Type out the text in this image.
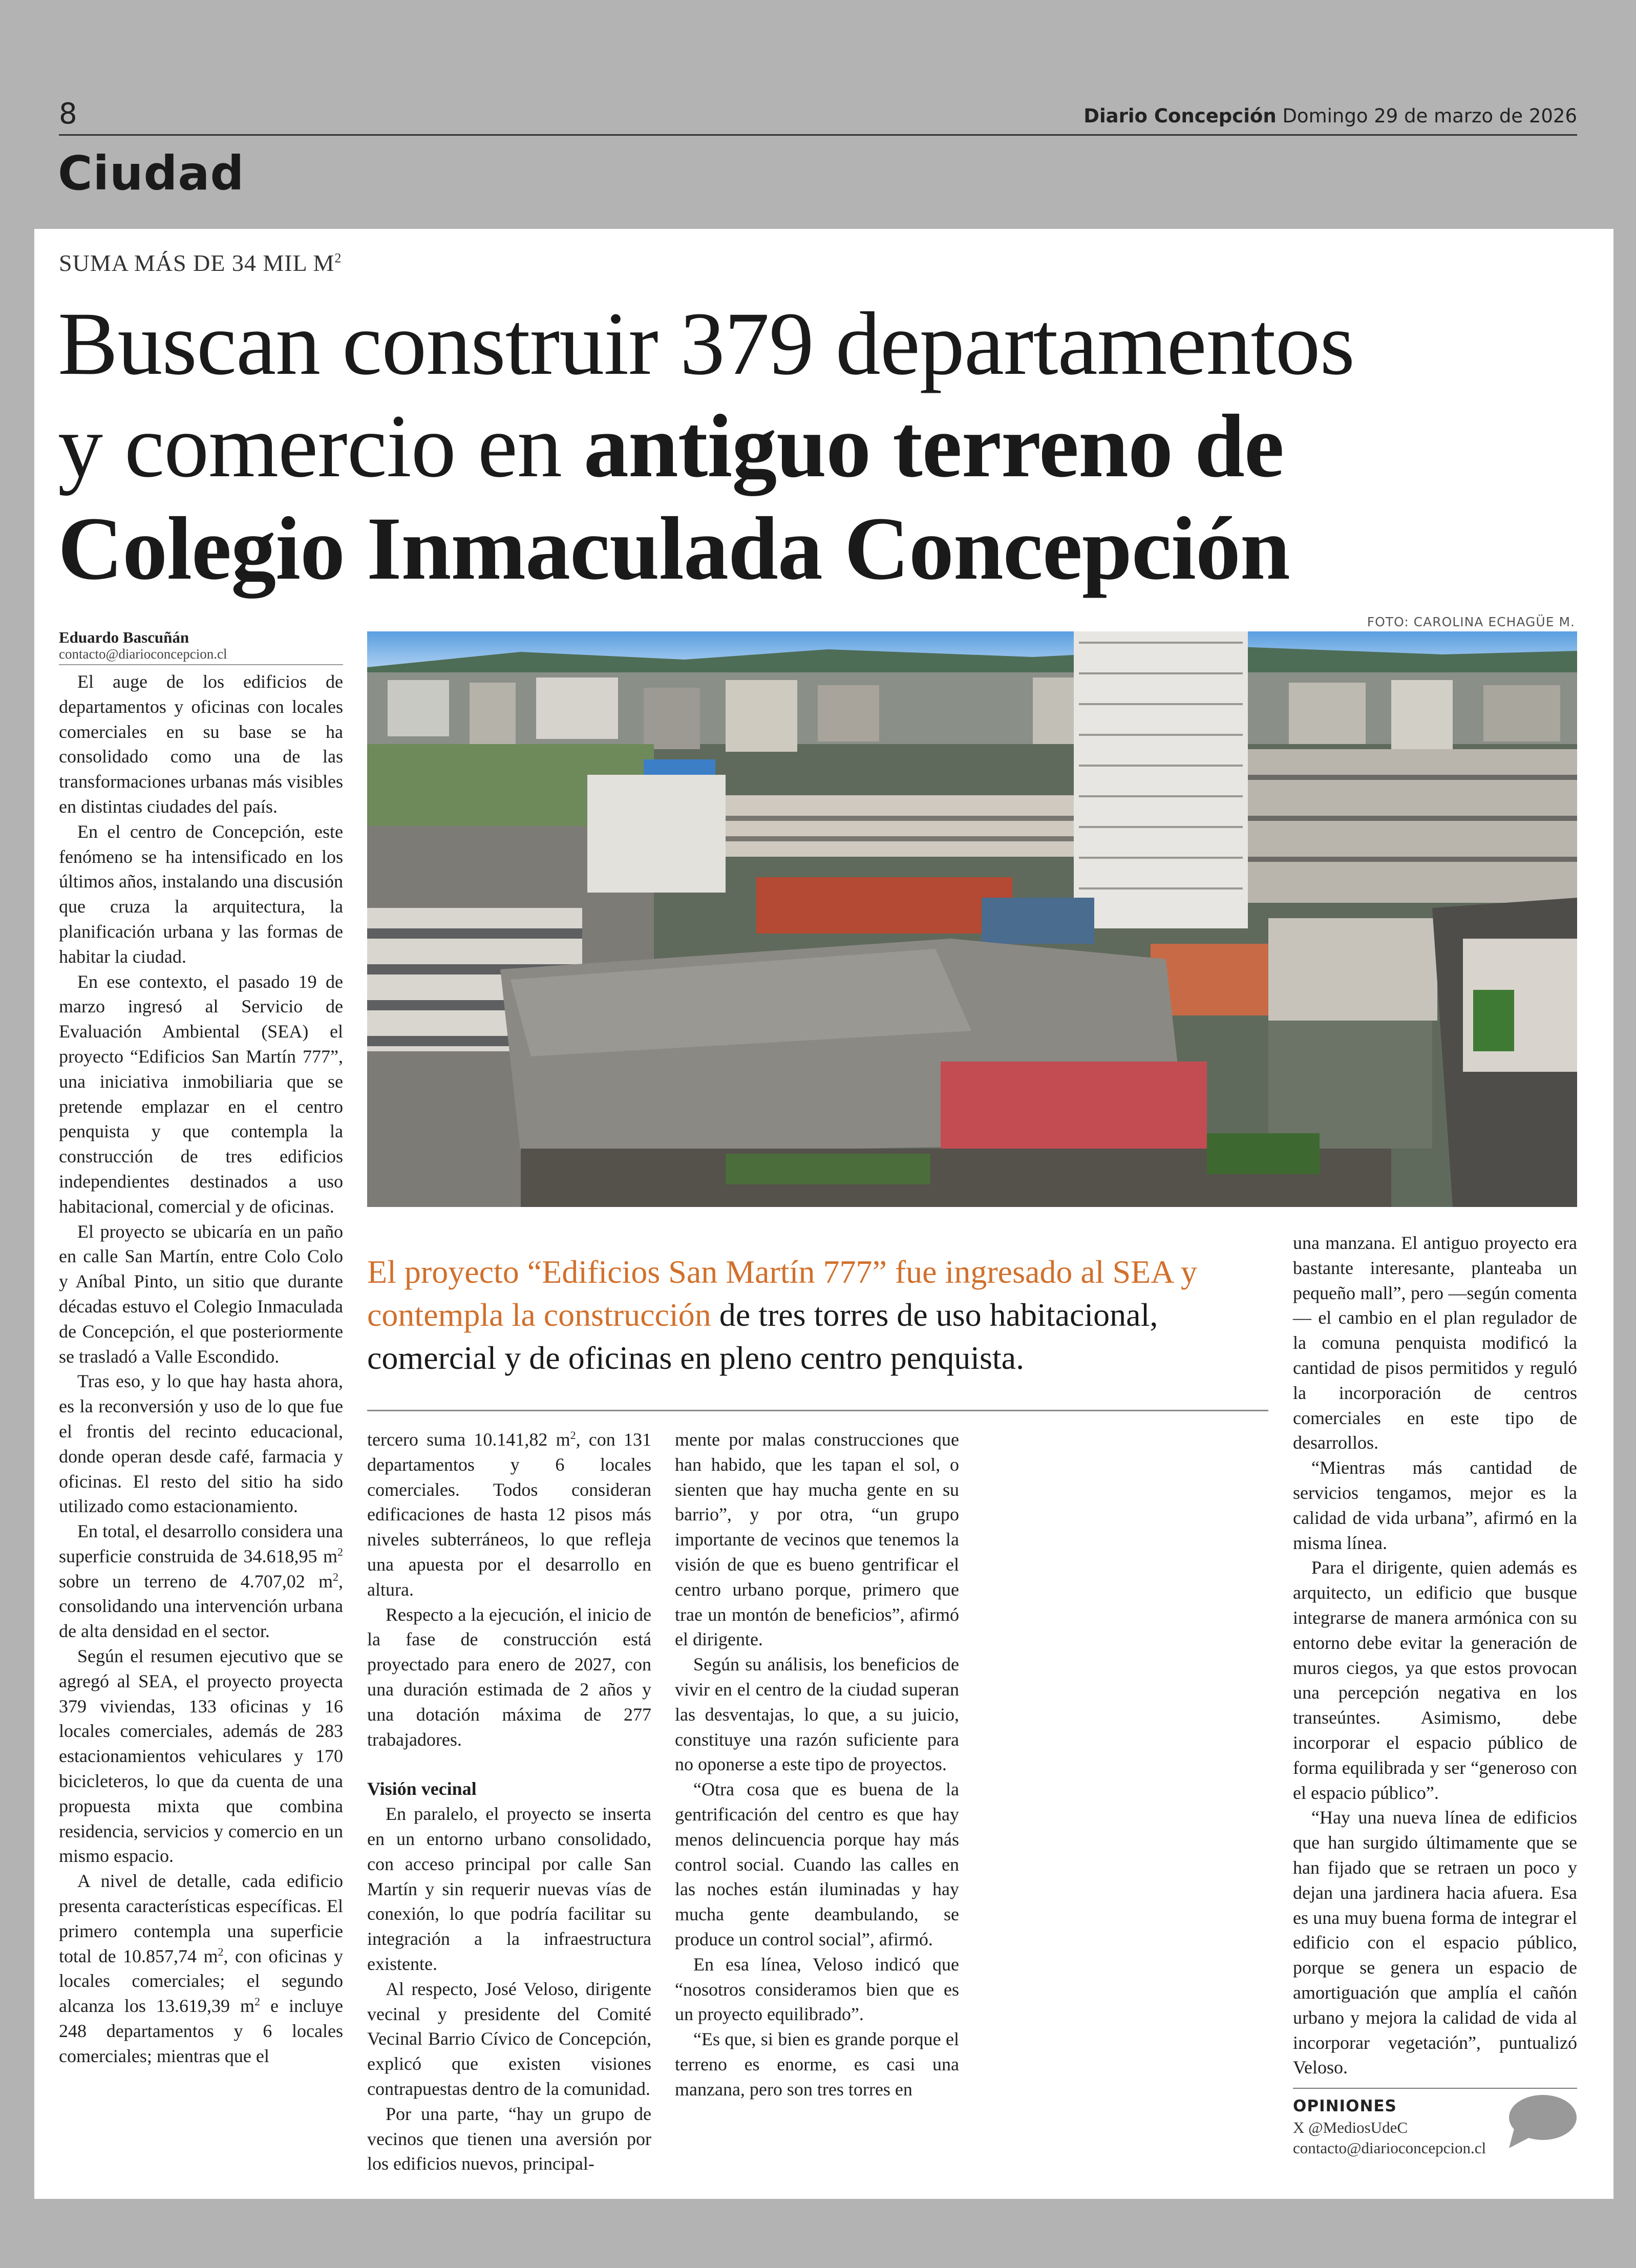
8	Diario Concepción Domingo 29 de marzo de 2026
Ciudad
SUMA MÁS DE 34 MIL $M^2$
Buscan construir 379 departamentos
y comercio en antiguo terreno de
Colegio Inmaculada Concepción
Eduardo Bascuñán
contacto@diarioconcepcion.cl
FOTO: CAROLINA ECHAGÜE M.

El auge de los edificios de departamentos y oficinas con locales comerciales en su base se ha consolidado como una de las transformaciones urbanas más visibles en distintas ciudades del país.

En el centro de Concepción, este fenómeno se ha intensificado en los últimos años, instalando una discusión que cruza la arquitectura, la planificación urbana y las formas de habitar la ciudad.

En ese contexto, el pasado 19 de marzo ingresó al Servicio de Evaluación Ambiental (SEA) el proyecto “Edificios San Martín 777”, una iniciativa inmobiliaria que se pretende emplazar en el centro penquista y que contempla la construcción de tres edificios independientes destinados a uso habitacional, comercial y de oficinas.

El proyecto se ubicaría en un paño en calle San Martín, entre Colo Colo y Aníbal Pinto, un sitio que durante décadas estuvo el Colegio Inmaculada de Concepción, el que posteriormente se trasladó a Valle Escondido.

Tras eso, y lo que hay hasta ahora, es la reconversión y uso de lo que fue el frontis del recinto educacional, donde operan desde café, farmacia y oficinas. El resto del sitio ha sido utilizado como estacionamiento.

En total, el desarrollo considera una superficie construida de 34.618,95 $m^2$ sobre un terreno de 4.707,02 $m^2$, consolidando una intervención urbana de alta densidad en el sector.

Según el resumen ejecutivo que se agregó al SEA, el proyecto proyecta 379 viviendas, 133 oficinas y 16 locales comerciales, además de 283 estacionamientos vehiculares y 170 bicicleteros, lo que da cuenta de una propuesta mixta que combina residencia, servicios y comercio en un mismo espacio.

A nivel de detalle, cada edificio presenta características específicas. El primero contempla una superficie total de 10.857,74 $m^2$, con oficinas y locales comerciales; el segundo alcanza los 13.619,39 $m^2$ e incluye 248 departamentos y 6 locales comerciales; mientras que el

El proyecto “Edificios San Martín 777” fue ingresado al SEA y contempla la construcción de tres torres de uso habitacional, comercial y de oficinas en pleno centro penquista.

tercero suma 10.141,82 $m^2$, con 131 departamentos y 6 locales comerciales. Todos consideran edificaciones de hasta 12 pisos más niveles subterráneos, lo que refleja una apuesta por el desarrollo en altura.

Respecto a la ejecución, el inicio de la fase de construcción está proyectado para enero de 2027, con una duración estimada de 2 años y una dotación máxima de 277 trabajadores.

Visión vecinal

En paralelo, el proyecto se inserta en un entorno urbano consolidado, con acceso principal por calle San Martín y sin requerir nuevas vías de conexión, lo que podría facilitar su integración a la infraestructura existente.

Al respecto, José Veloso, dirigente vecinal y presidente del Comité Vecinal Barrio Cívico de Concepción, explicó que existen visiones contrapuestas dentro de la comunidad.

Por una parte, “hay un grupo de vecinos que tienen una aversión por los edificios nuevos, principal-

mente por malas construcciones que han habido, que les tapan el sol, o sienten que hay mucha gente en su barrio”, y por otra, “un grupo importante de vecinos que tenemos la visión de que es bueno gentrificar el centro urbano porque, primero que trae un montón de beneficios”, afirmó el dirigente.

Según su análisis, los beneficios de vivir en el centro de la ciudad superan las desventajas, lo que, a su juicio, constituye una razón suficiente para no oponerse a este tipo de proyectos.

“Otra cosa que es buena de la gentrificación del centro es que hay menos delincuencia porque hay más control social. Cuando las calles en las noches están iluminadas y hay mucha gente deambulando, se produce un control social”, afirmó.

En esa línea, Veloso indicó que “nosotros consideramos bien que es un proyecto equilibrado”.

“Es que, si bien es grande porque el terreno es enorme, es casi una manzana, pero son tres torres en

una manzana. El antiguo proyecto era bastante interesante, planteaba un pequeño mall”, pero —según comenta— el cambio en el plan regulador de la comuna penquista modificó la cantidad de pisos permitidos y reguló la incorporación de centros comerciales en este tipo de desarrollos.

“Mientras más cantidad de servicios tengamos, mejor es la calidad de vida urbana”, afirmó en la misma línea.

Para el dirigente, quien además es arquitecto, un edificio que busque integrarse de manera armónica con su entorno debe evitar la generación de muros ciegos, ya que estos provocan una percepción negativa en los transeúntes. Asimismo, debe incorporar el espacio público de forma equilibrada y ser “generoso con el espacio público”.

“Hay una nueva línea de edificios que han surgido últimamente que se han fijado que se retraen un poco y dejan una jardinera hacia afuera. Esa es una muy buena forma de integrar el edificio con el espacio público, porque se genera un espacio de amortiguación que amplía el cañón urbano y mejora la calidad de vida al incorporar vegetación”, puntualizó Veloso.

OPINIONES
X @MediosUdeC
contacto@diarioconcepcion.cl
